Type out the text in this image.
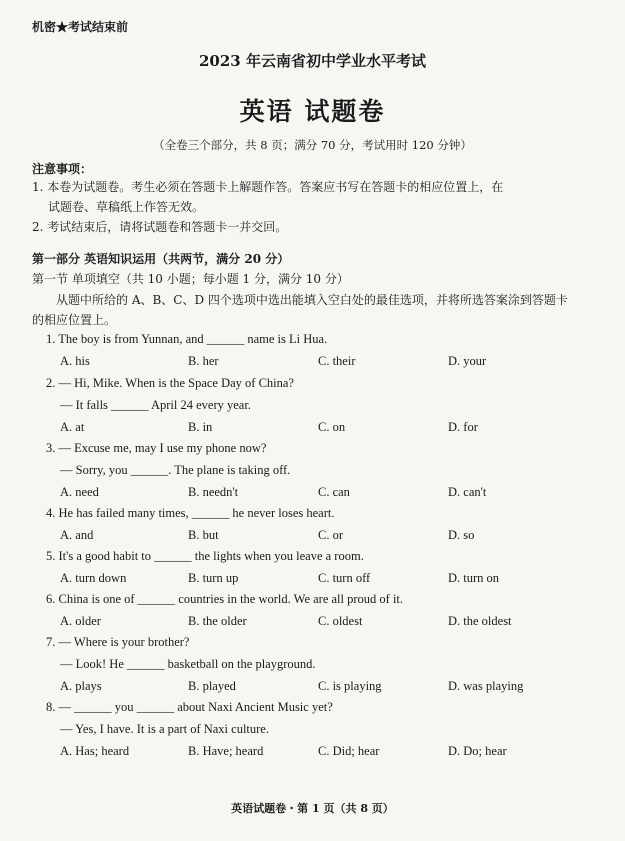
机密★考试结束前
2023 年云南省初中学业水平考试
英语 试题卷
（全卷三个部分，共 8 页；满分 70 分，考试用时 120 分钟）
注意事项：
1. 本卷为试题卷。考生必须在答题卡上解题作答。答案应书写在答题卡的相应位置上，在
试题卷、草稿纸上作答无效。
2. 考试结束后，请将试题卷和答题卡一并交回。
第一部分 英语知识运用（共两节，满分 20 分）
第一节 单项填空（共 10 小题；每小题 1 分，满分 10 分）
从题中所给的 A、B、C、D 四个选项中选出能填入空白处的最佳选项，并将所选答案涂到答题卡的相应位置上。
1. The boy is from Yunnan, and ______ name is Li Hua.
A. his	B. her	C. their	D. your
2. — Hi, Mike. When is the Space Day of China?
— It falls ______ April 24 every year.
A. at	B. in	C. on	D. for
3. — Excuse me, may I use my phone now?
— Sorry, you ______. The plane is taking off.
A. need	B. needn't	C. can	D. can't
4. He has failed many times, ______ he never loses heart.
A. and	B. but	C. or	D. so
5. It's a good habit to ______ the lights when you leave a room.
A. turn down	B. turn up	C. turn off	D. turn on
6. China is one of ______ countries in the world. We are all proud of it.
A. older	B. the older	C. oldest	D. the oldest
7. — Where is your brother?
— Look! He ______ basketball on the playground.
A. plays	B. played	C. is playing	D. was playing
8. — ______ you ______ about Naxi Ancient Music yet?
— Yes, I have. It is a part of Naxi culture.
A. Has; heard	B. Have; heard	C. Did; hear	D. Do; hear
英语试题卷・第 1 页（共 8 页）
